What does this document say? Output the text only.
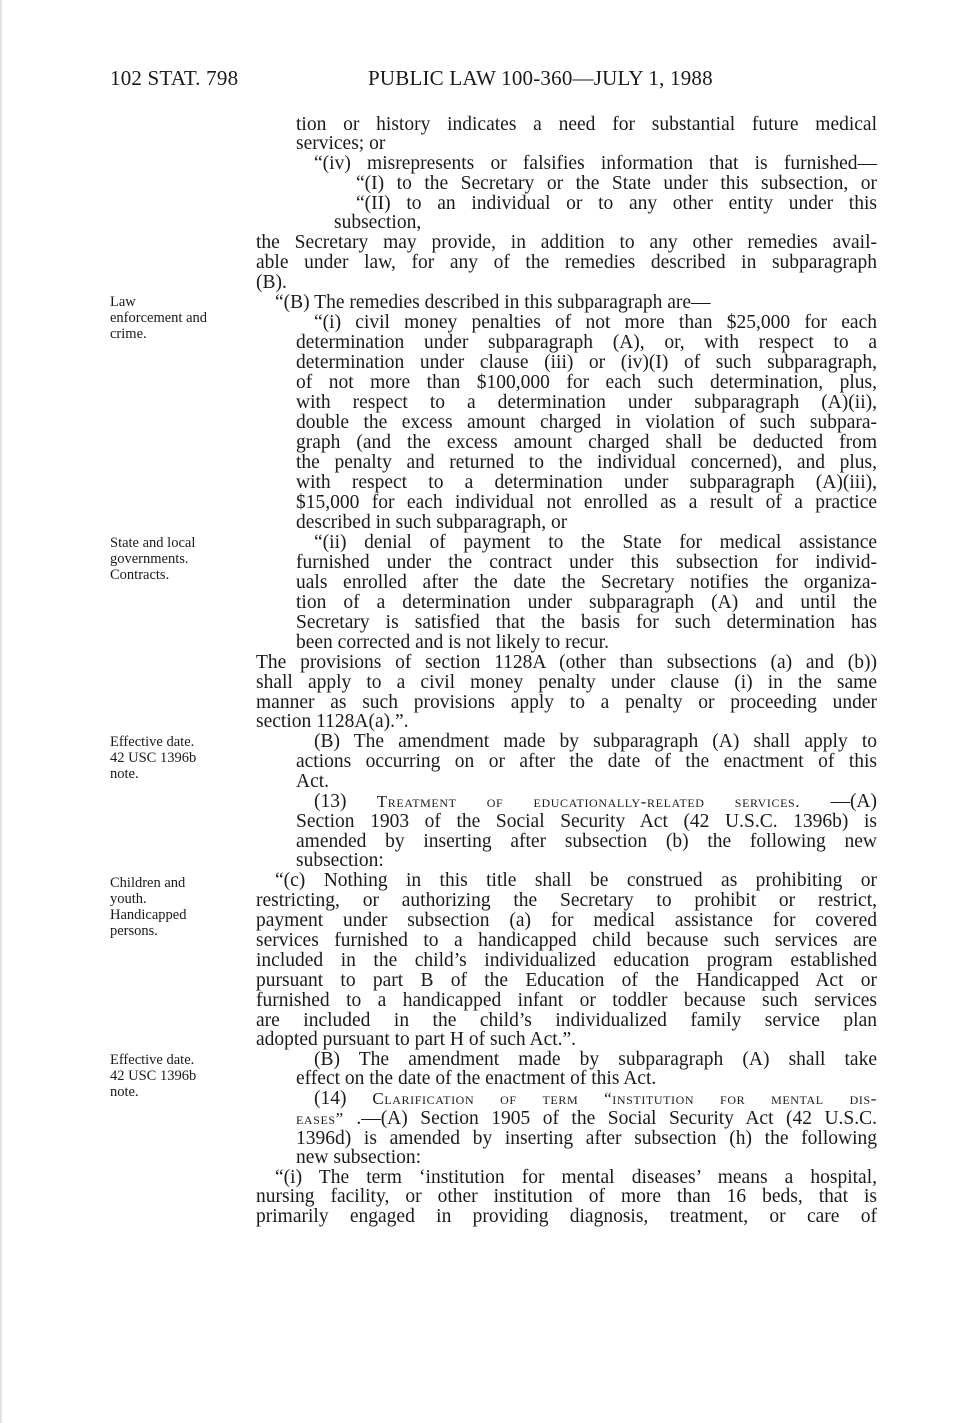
102 STAT. 798	PUBLIC LAW 100-360—JULY 1, 1988
Law
enforcement and
crime.
State and local
governments.
Contracts.
Effective date.
42 USC 1396b
note.
Children and
youth.
Handicapped
persons.
Effective date.
42 USC 1396b
note.
tion or history indicates a need for substantial future medical
services; or
“(iv) misrepresents or falsifies information that is furnished—
“(I) to the Secretary or the State under this subsection, or
“(II) to an individual or to any other entity under this
subsection,
the Secretary may provide, in addition to any other remedies avail-
able under law, for any of the remedies described in subparagraph
(B).
“(B) The remedies described in this subparagraph are—
“(i) civil money penalties of not more than $25,000 for each
determination under subparagraph (A), or, with respect to a
determination under clause (iii) or (iv)(I) of such subparagraph,
of not more than $100,000 for each such determination, plus,
with respect to a determination under subparagraph (A)(ii),
double the excess amount charged in violation of such subpara-
graph (and the excess amount charged shall be deducted from
the penalty and returned to the individual concerned), and plus,
with respect to a determination under subparagraph (A)(iii),
$15,000 for each individual not enrolled as a result of a practice
described in such subparagraph, or
“(ii) denial of payment to the State for medical assistance
furnished under the contract under this subsection for individ-
uals enrolled after the date the Secretary notifies the organiza-
tion of a determination under subparagraph (A) and until the
Secretary is satisfied that the basis for such determination has
been corrected and is not likely to recur.
The provisions of section 1128A (other than subsections (a) and (b))
shall apply to a civil money penalty under clause (i) in the same
manner as such provisions apply to a penalty or proceeding under
section 1128A(a).”.
(B) The amendment made by subparagraph (A) shall apply to
actions occurring on or after the date of the enactment of this
Act.
(13) Treatment of educationally-related services. —(A)
Section 1903 of the Social Security Act (42 U.S.C. 1396b) is
amended by inserting after subsection (b) the following new
subsection:
“(c) Nothing in this title shall be construed as prohibiting or
restricting, or authorizing the Secretary to prohibit or restrict,
payment under subsection (a) for medical assistance for covered
services furnished to a handicapped child because such services are
included in the child’s individualized education program established
pursuant to part B of the Education of the Handicapped Act or
furnished to a handicapped infant or toddler because such services
are included in the child’s individualized family service plan
adopted pursuant to part H of such Act.”.
(B) The amendment made by subparagraph (A) shall take
effect on the date of the enactment of this Act.
(14) Clarification of term “institution for mental dis-
eases” .—(A) Section 1905 of the Social Security Act (42 U.S.C.
1396d) is amended by inserting after subsection (h) the following
new subsection:
“(i) The term ‘institution for mental diseases’ means a hospital,
nursing facility, or other institution of more than 16 beds, that is
primarily engaged in providing diagnosis, treatment, or care of
